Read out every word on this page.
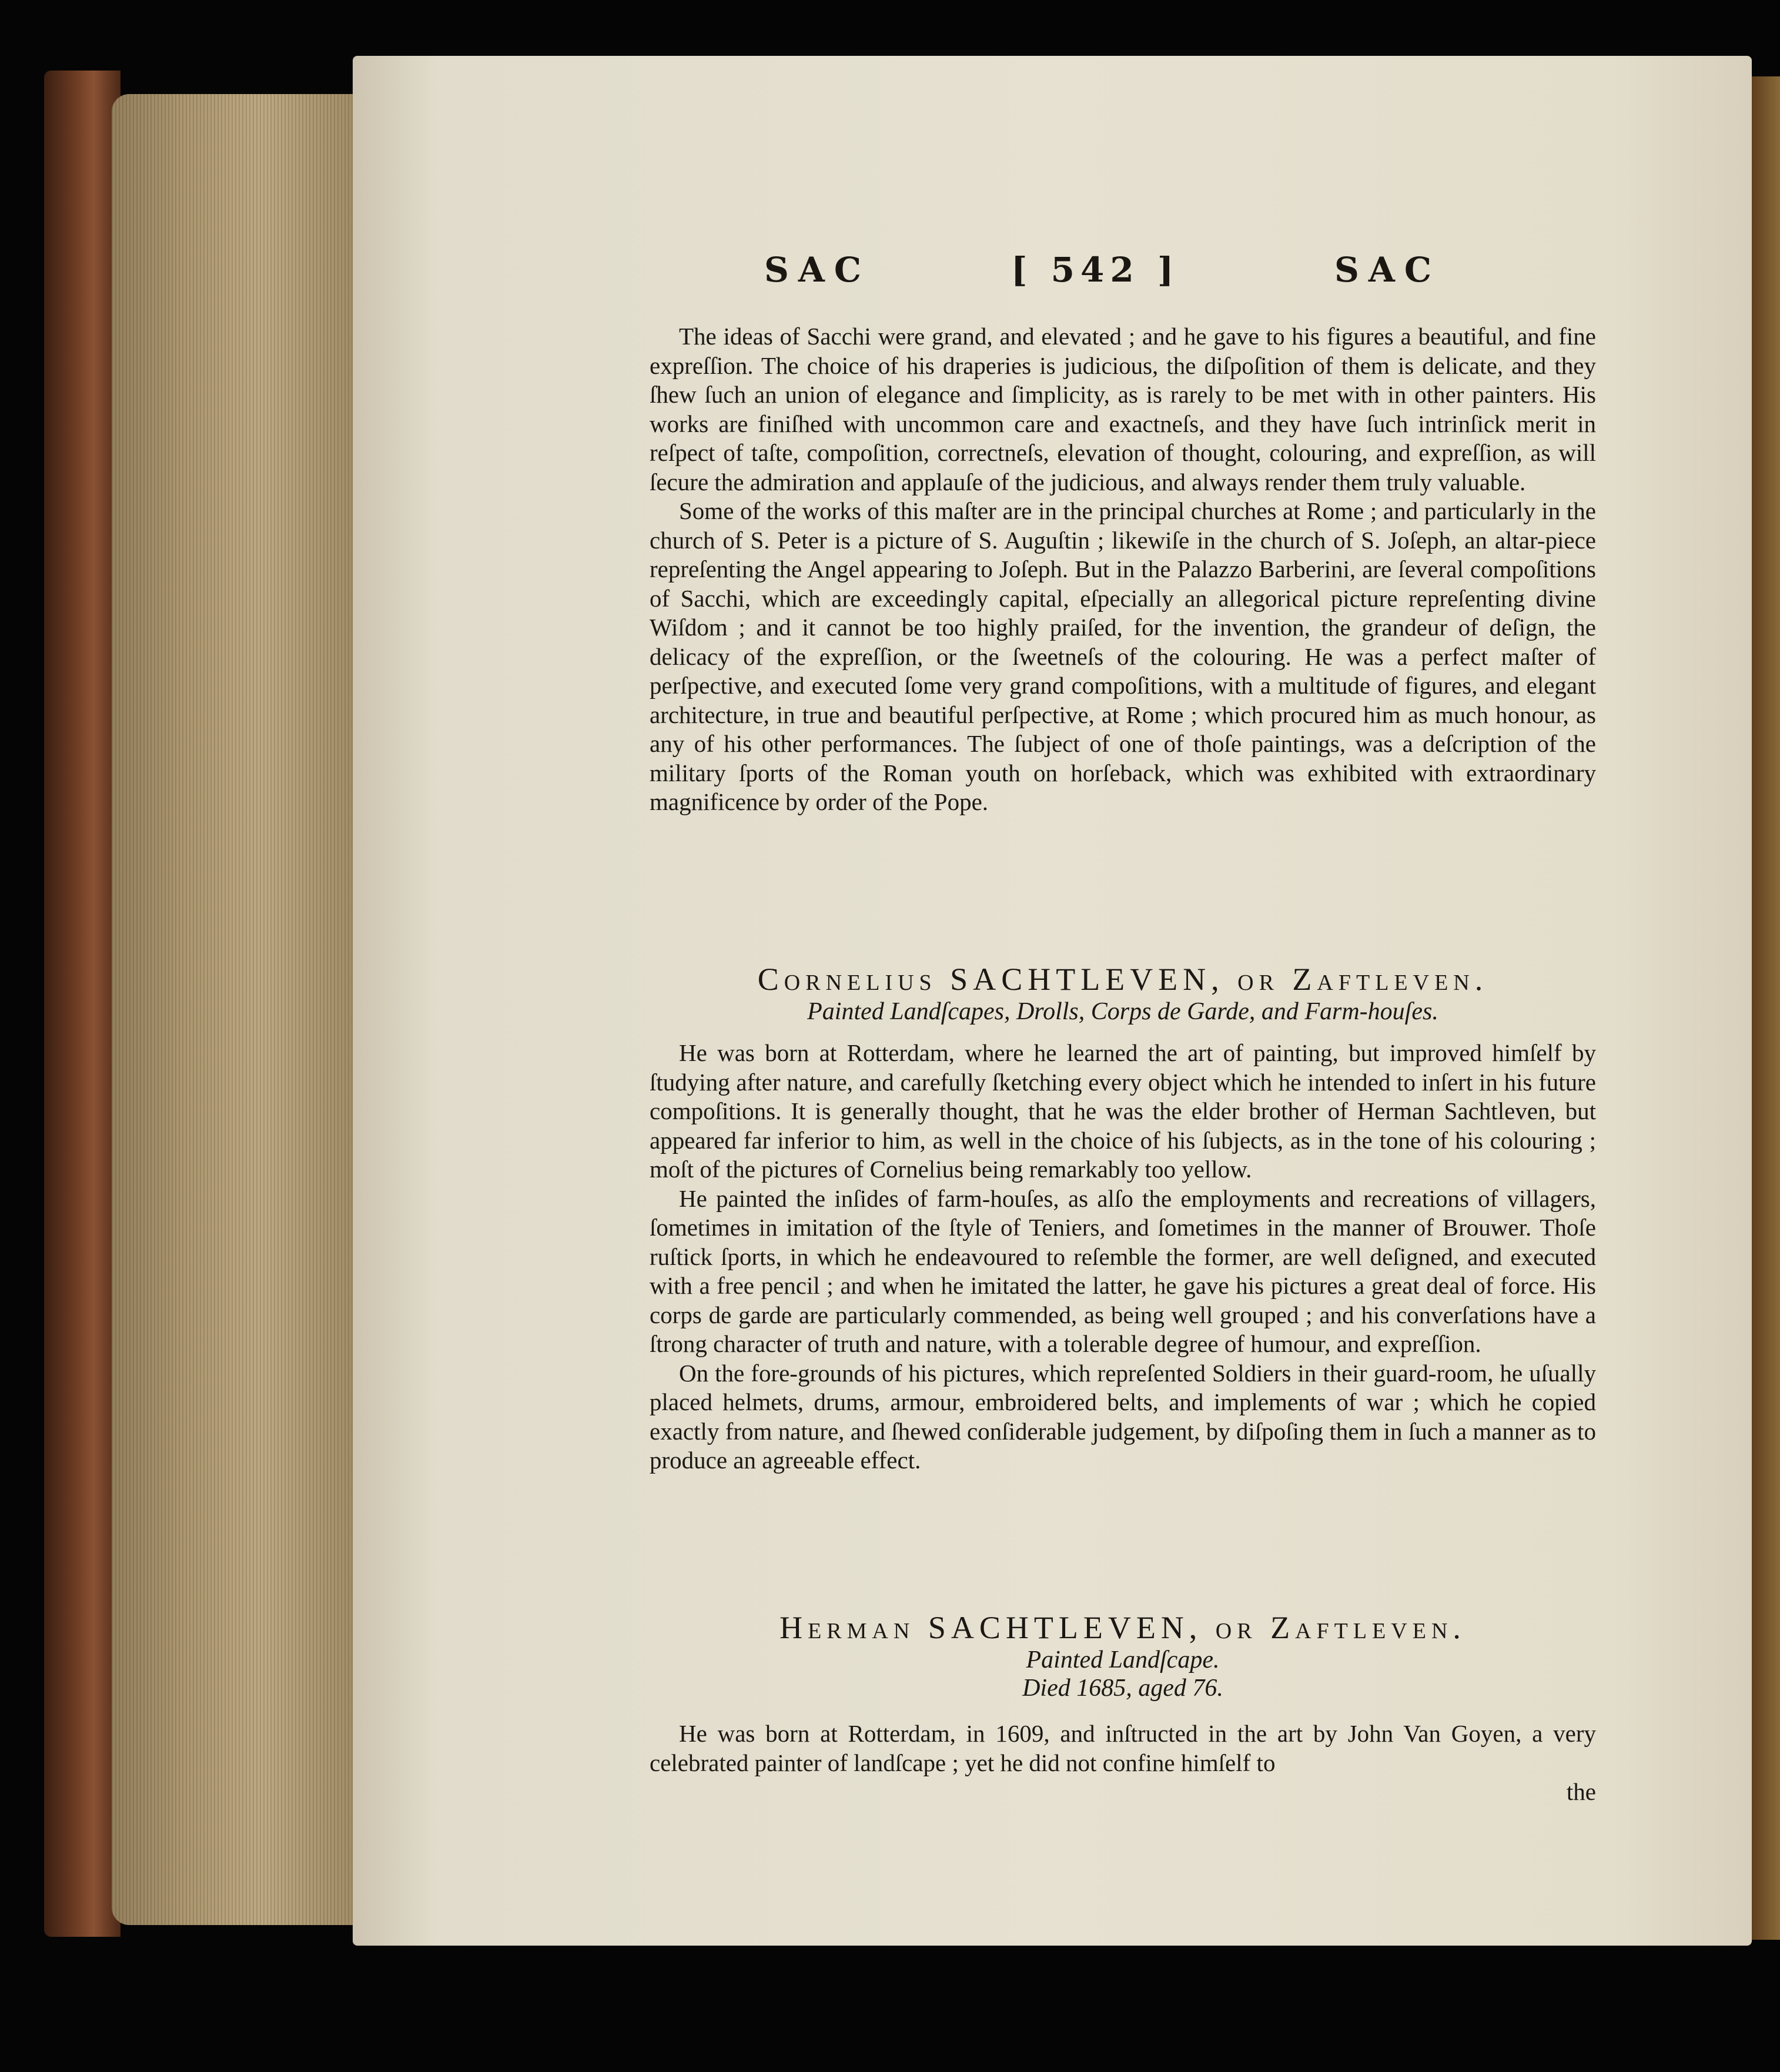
SAC	[ 542 ]	SAC

The ideas of Sacchi were grand, and elevated ; and he gave to his figures a beautiful, and fine expreſſion. The choice of his draperies is judicious, the diſpoſition of them is delicate, and they ſhew ſuch an union of elegance and ſimplicity, as is rarely to be met with in other painters. His works are finiſhed with uncommon care and exactneſs, and they have ſuch intrinſick merit in reſpect of taſte, compoſition, correctneſs, elevation of thought, colouring, and expreſſion, as will ſecure the admiration and applauſe of the judicious, and always render them truly valuable.

Some of the works of this maſter are in the principal churches at Rome ; and particularly in the church of S. Peter is a picture of S. Auguſtin ; likewiſe in the church of S. Joſeph, an altar-piece repreſenting the Angel appearing to Joſeph. But in the Palazzo Barberini, are ſeveral compoſitions of Sacchi, which are exceedingly capital, eſpecially an allegorical picture repreſenting divine Wiſdom ; and it cannot be too highly praiſed, for the invention, the grandeur of deſign, the delicacy of the expreſſion, or the ſweetneſs of the colouring. He was a perfect maſter of perſpective, and executed ſome very grand compoſitions, with a multitude of figures, and elegant architecture, in true and beautiful perſpective, at Rome ; which procured him as much honour, as any of his other performances. The ſubject of one of thoſe paintings, was a deſcription of the military ſports of the Roman youth on horſeback, which was exhibited with extraordinary magnificence by order of the Pope.

Cornelius SACHTLEVEN, or Zaftleven.
Painted Landſcapes, Drolls, Corps de Garde, and Farm-houſes.

He was born at Rotterdam, where he learned the art of painting, but improved himſelf by ſtudying after nature, and carefully ſketching every object which he intended to inſert in his future compoſitions. It is generally thought, that he was the elder brother of Herman Sachtleven, but appeared far inferior to him, as well in the choice of his ſubjects, as in the tone of his colouring ; moſt of the pictures of Cornelius being remarkably too yellow.

He painted the inſides of farm-houſes, as alſo the employments and recreations of villagers, ſometimes in imitation of the ſtyle of Teniers, and ſometimes in the manner of Brouwer. Thoſe ruſtick ſports, in which he endeavoured to reſemble the former, are well deſigned, and executed with a free pencil ; and when he imitated the latter, he gave his pictures a great deal of force. His corps de garde are particularly commended, as being well grouped ; and his converſations have a ſtrong character of truth and nature, with a tolerable degree of humour, and expreſſion.

On the fore-grounds of his pictures, which repreſented Soldiers in their guard-room, he uſually placed helmets, drums, armour, embroidered belts, and implements of war ; which he copied exactly from nature, and ſhewed conſiderable judgement, by diſpoſing them in ſuch a manner as to produce an agreeable effect.

Herman SACHTLEVEN, or Zaftleven.
Painted Landſcape.
Died 1685, aged 76.

He was born at Rotterdam, in 1609, and inſtructed in the art by John Van Goyen, a very celebrated painter of landſcape ; yet he did not confine himſelf to

the
